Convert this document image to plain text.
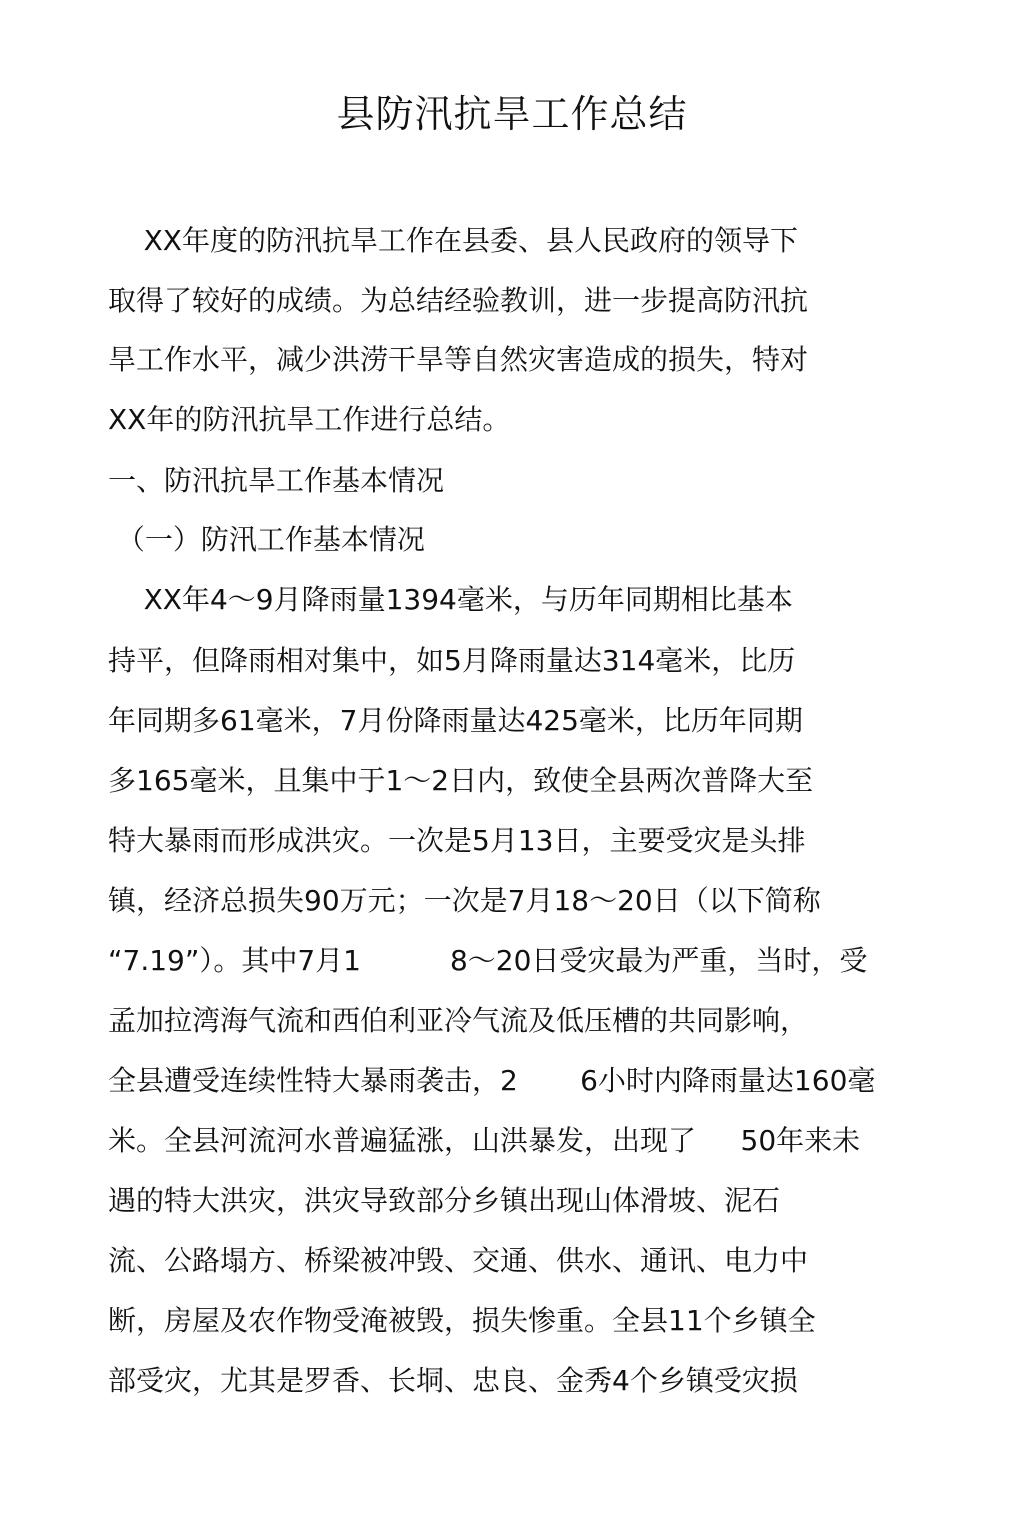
县防汛抗旱工作总结

XX年度的防汛抗旱工作在县委、县人民政府的领导下

取得了较好的成绩。为总结经验教训，进一步提高防汛抗

旱工作水平，减少洪涝干旱等自然灾害造成的损失，特对

XX年的防汛抗旱工作进行总结。

一、防汛抗旱工作基本情况

（一）防汛工作基本情况

XX年4～9月降雨量1394毫米，与历年同期相比基本

持平，但降雨相对集中，如5月降雨量达314毫米，比历

年同期多61毫米，7月份降雨量达425毫米，比历年同期

多165毫米，且集中于1～2日内，致使全县两次普降大至

特大暴雨而形成洪灾。一次是5月13日，主要受灾是头排

镇，经济总损失90万元；一次是7月18～20日（以下简称

“7.19”）。其中7月1          8～20日受灾最为严重，当时，受

孟加拉湾海气流和西伯利亚冷气流及低压槽的共同影响，

全县遭受连续性特大暴雨袭击，2       6小时内降雨量达160毫

米。全县河流河水普遍猛涨，山洪暴发，出现了     50年来未

遇的特大洪灾，洪灾导致部分乡镇出现山体滑坡、泥石

流、公路塌方、桥梁被冲毁、交通、供水、通讯、电力中

断，房屋及农作物受淹被毁，损失惨重。全县11个乡镇全

部受灾，尤其是罗香、长垌、忠良、金秀4个乡镇受灾损
